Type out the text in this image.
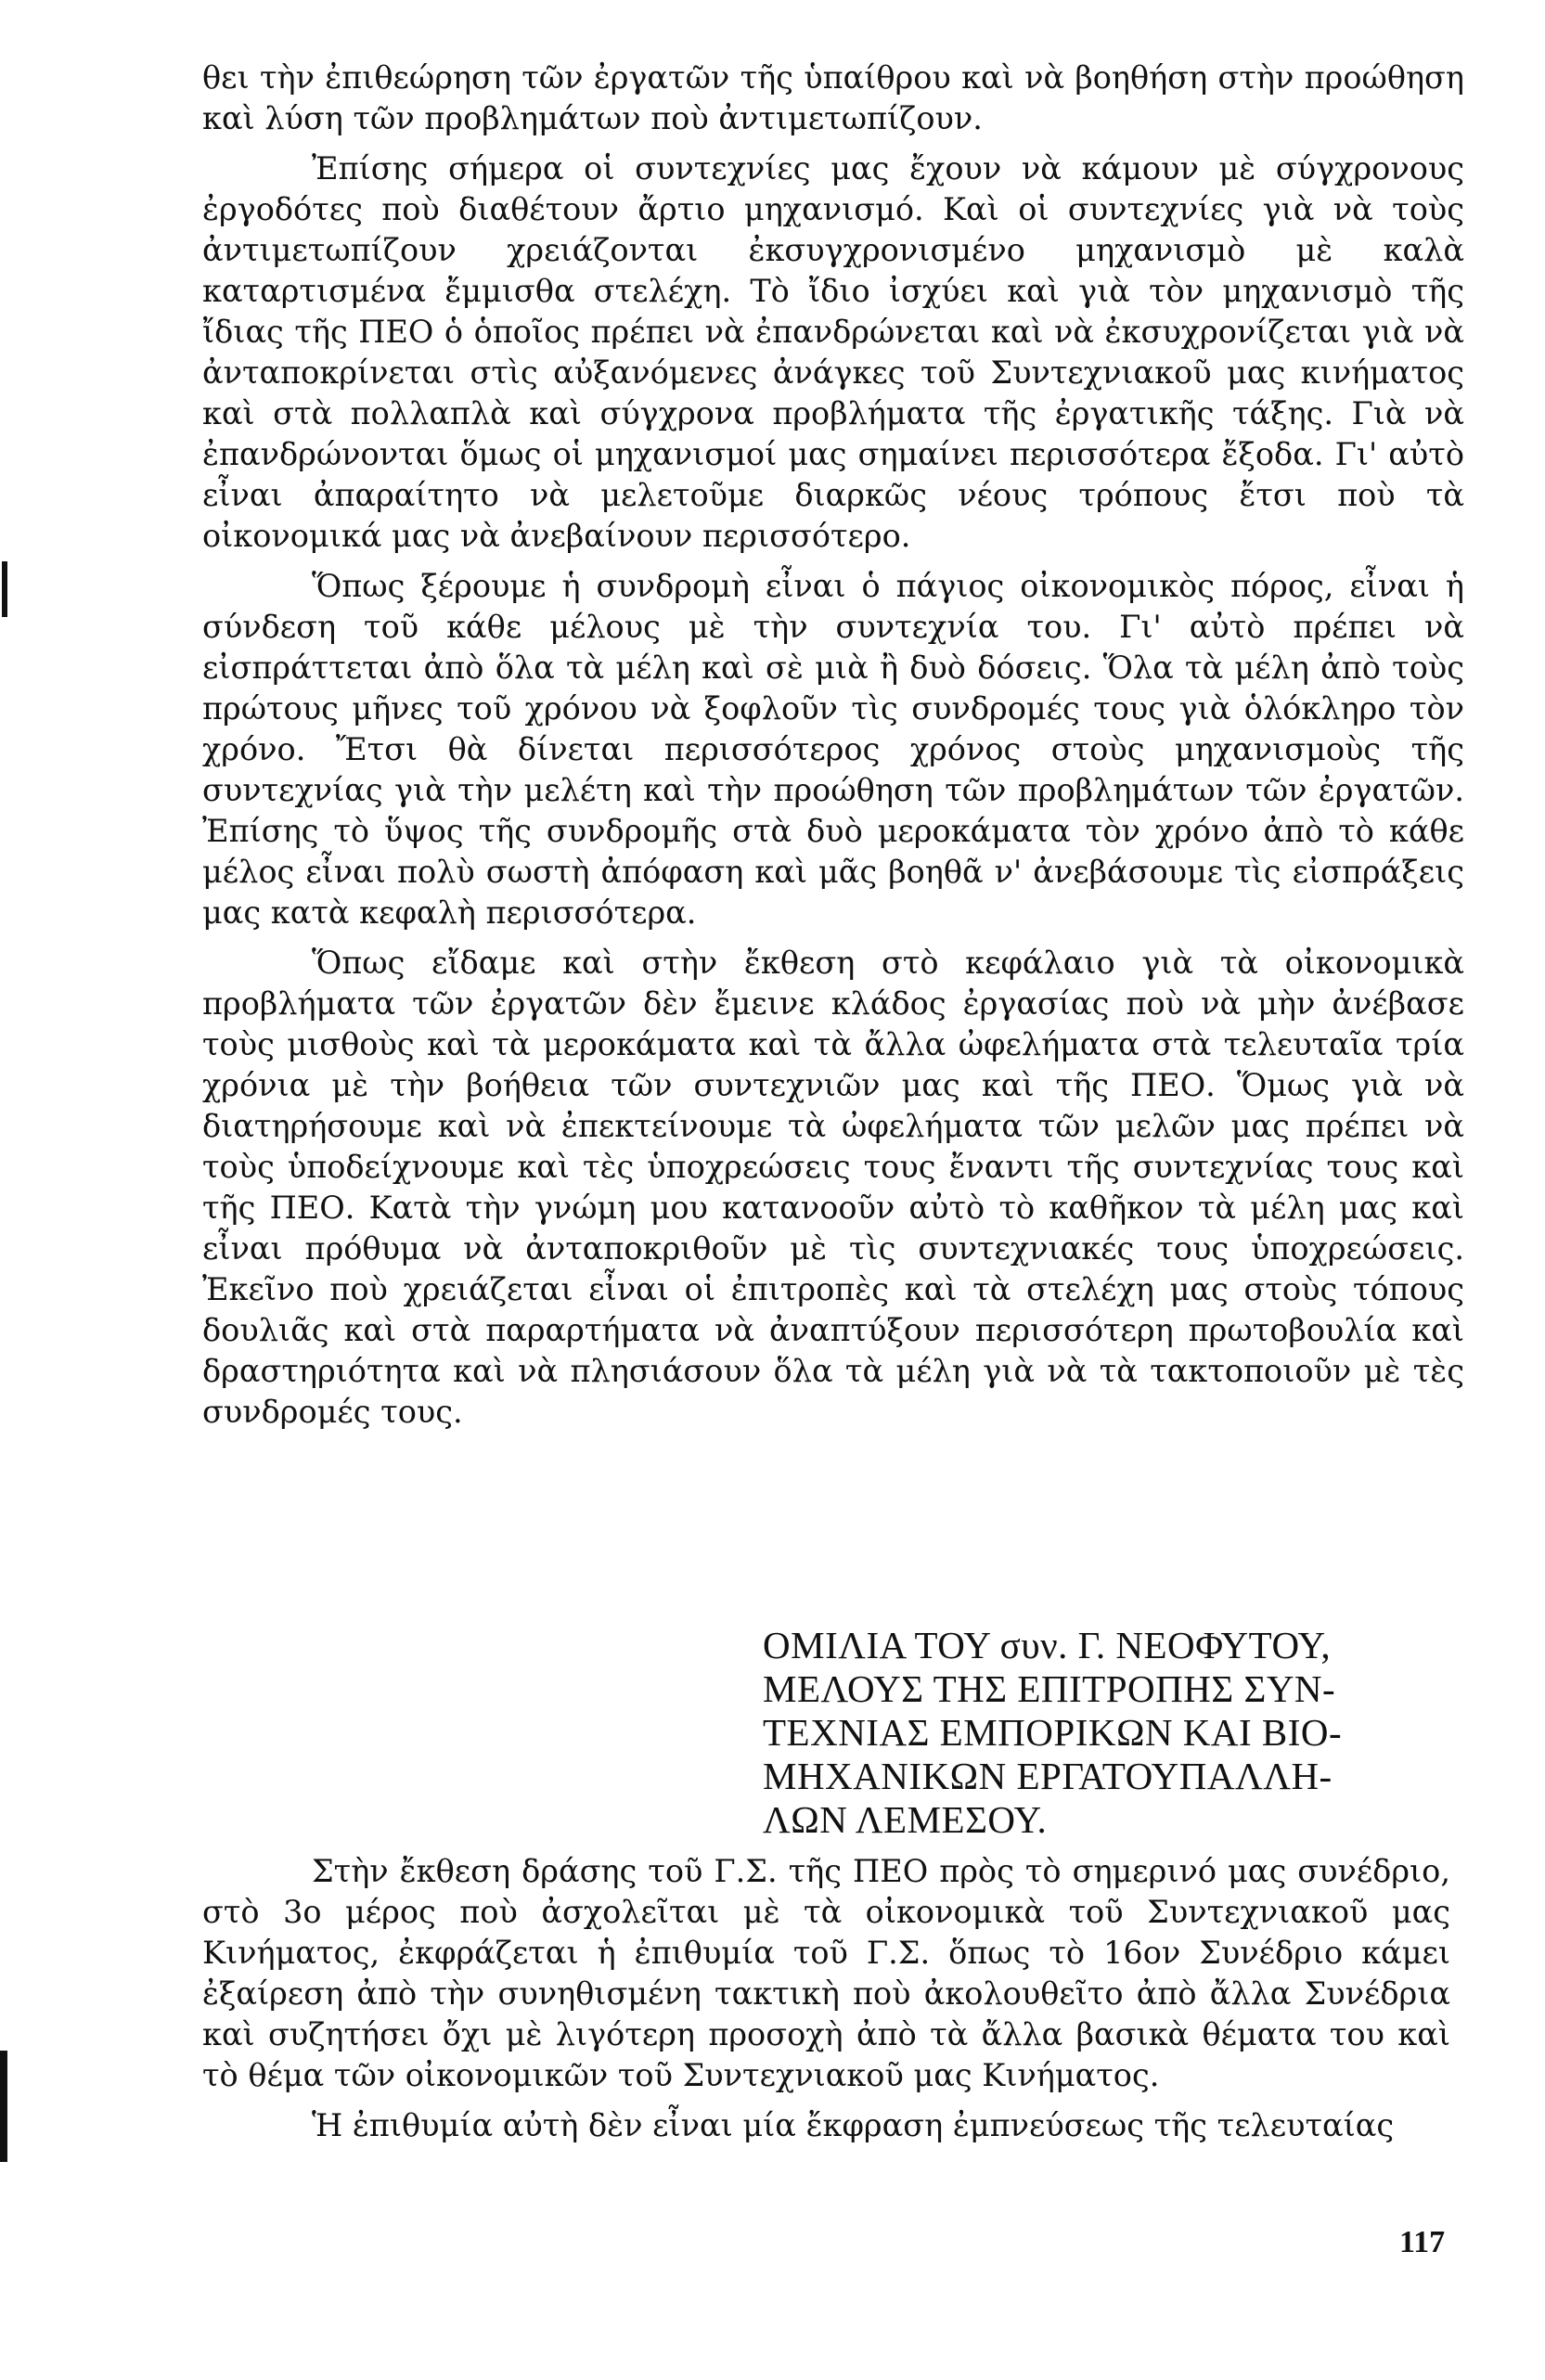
θει τὴν ἐπιθεώρηση τῶν ἐργατῶν τῆς ὑπαίθρου καὶ νὰ βοηθήση στὴν προώθηση καὶ λύση τῶν προβλημάτων ποὺ ἀντιμετωπίζουν.

Ἐπίσης σήμερα οἱ συντεχνίες μας ἔχουν νὰ κάμουν μὲ σύγχρονους ἐργοδότες ποὺ διαθέτουν ἄρτιο μηχανισμό. Καὶ οἱ συντεχνίες γιὰ νὰ τοὺς ἀντιμετωπίζουν χρειάζονται ἐκσυγχρονισμένο μηχανισμὸ μὲ καλὰ καταρτισμένα ἔμμισθα στελέχη. Τὸ ἴδιο ἰσχύει καὶ γιὰ τὸν μηχανισμὸ τῆς ἴδιας τῆς ΠΕΟ ὁ ὁποῖος πρέπει νὰ ἐπανδρώνεται καὶ νὰ ἐκσυχρονίζεται γιὰ νὰ ἀνταποκρίνεται στὶς αὐξανόμενες ἀνάγκες τοῦ Συντεχνιακοῦ μας κινήματος καὶ στὰ πολλαπλὰ καὶ σύγχρονα προβλήματα τῆς ἐργατικῆς τάξης. Γιὰ νὰ ἐπανδρώνονται ὅμως οἱ μηχανισμοί μας σημαίνει περισσότερα ἔξοδα. Γι' αὐτὸ εἶναι ἀπαραίτητο νὰ μελετοῦμε διαρκῶς νέους τρόπους ἔτσι ποὺ τὰ οἰκονομικά μας νὰ ἀνεβαίνουν περισσότερο.

Ὅπως ξέρουμε ἡ συνδρομὴ εἶναι ὁ πάγιος οἰκονομικὸς πόρος, εἶναι ἡ σύνδεση τοῦ κάθε μέλους μὲ τὴν συντεχνία του. Γι' αὐτὸ πρέπει νὰ εἰσπράττεται ἀπὸ ὅλα τὰ μέλη καὶ σὲ μιὰ ἢ δυὸ δόσεις. Ὅλα τὰ μέλη ἀπὸ τοὺς πρώτους μῆνες τοῦ χρόνου νὰ ξοφλοῦν τὶς συνδρομές τους γιὰ ὁλόκληρο τὸν χρόνο. Ἔτσι θὰ δίνεται περισσότερος χρόνος στοὺς μηχανισμοὺς τῆς συντεχνίας γιὰ τὴν μελέτη καὶ τὴν προώθηση τῶν προβλημάτων τῶν ἐργατῶν. Ἐπίσης τὸ ὕψος τῆς συνδρομῆς στὰ δυὸ μεροκάματα τὸν χρόνο ἀπὸ τὸ κάθε μέλος εἶναι πολὺ σωστὴ ἀπόφαση καὶ μᾶς βοηθᾶ ν' ἀνεβάσουμε τὶς εἰσπράξεις μας κατὰ κεφαλὴ περισσότερα.

Ὅπως εἴδαμε καὶ στὴν ἔκθεση στὸ κεφάλαιο γιὰ τὰ οἰκονομικὰ προβλήματα τῶν ἐργατῶν δὲν ἔμεινε κλάδος ἐργασίας ποὺ νὰ μὴν ἀνέβασε τοὺς μισθοὺς καὶ τὰ μεροκάματα καὶ τὰ ἄλλα ὠφελήματα στὰ τελευταῖα τρία χρόνια μὲ τὴν βοήθεια τῶν συντεχνιῶν μας καὶ τῆς ΠΕΟ. Ὅμως γιὰ νὰ διατηρήσουμε καὶ νὰ ἐπεκτείνουμε τὰ ὠφελήματα τῶν μελῶν μας πρέπει νὰ τοὺς ὑποδείχνουμε καὶ τὲς ὑποχρεώσεις τους ἔναντι τῆς συντεχνίας τους καὶ τῆς ΠΕΟ. Κατὰ τὴν γνώμη μου κατανοοῦν αὐτὸ τὸ καθῆκον τὰ μέλη μας καὶ εἶναι πρόθυμα νὰ ἀνταποκριθοῦν μὲ τὶς συντεχνιακές τους ὑποχρεώσεις. Ἐκεῖνο ποὺ χρειάζεται εἶναι οἱ ἐπιτροπὲς καὶ τὰ στελέχη μας στοὺς τόπους δουλιᾶς καὶ στὰ παραρτήματα νὰ ἀναπτύξουν περισσότερη πρωτοβουλία καὶ δραστηριότητα καὶ νὰ πλησιάσουν ὅλα τὰ μέλη γιὰ νὰ τὰ τακτοποιοῦν μὲ τὲς συνδρομές τους.

ΟΜΙΛΙΑ ΤΟΥ συν. Γ. ΝΕΟΦΥΤΟΥ,
ΜΕΛΟΥΣ ΤΗΣ ΕΠΙΤΡΟΠΗΣ ΣΥΝ-
ΤΕΧΝΙΑΣ ΕΜΠΟΡΙΚΩΝ ΚΑΙ ΒΙΟ-
ΜΗΧΑΝΙΚΩΝ ΕΡΓΑΤΟΥΠΑΛΛΗ-
ΛΩΝ ΛΕΜΕΣΟΥ.

Στὴν ἔκθεση δράσης τοῦ Γ.Σ. τῆς ΠΕΟ πρὸς τὸ σημερινό μας συνέδριο, στὸ 3ο μέρος ποὺ ἀσχολεῖται μὲ τὰ οἰκονομικὰ τοῦ Συντεχνιακοῦ μας Κινήματος, ἐκφράζεται ἡ ἐπιθυμία τοῦ Γ.Σ. ὅπως τὸ 16ον Συνέδριο κάμει ἐξαίρεση ἀπὸ τὴν συνηθισμένη τακτικὴ ποὺ ἀκολουθεῖτο ἀπὸ ἄλλα Συνέδρια καὶ συζητήσει ὄχι μὲ λιγότερη προσοχὴ ἀπὸ τὰ ἄλλα βασικὰ θέματα του καὶ τὸ θέμα τῶν οἰκονομικῶν τοῦ Συντεχνιακοῦ μας Κινήματος.

Ἡ ἐπιθυμία αὐτὴ δὲν εἶναι μία ἔκφραση ἐμπνεύσεως τῆς τελευταίας

117
